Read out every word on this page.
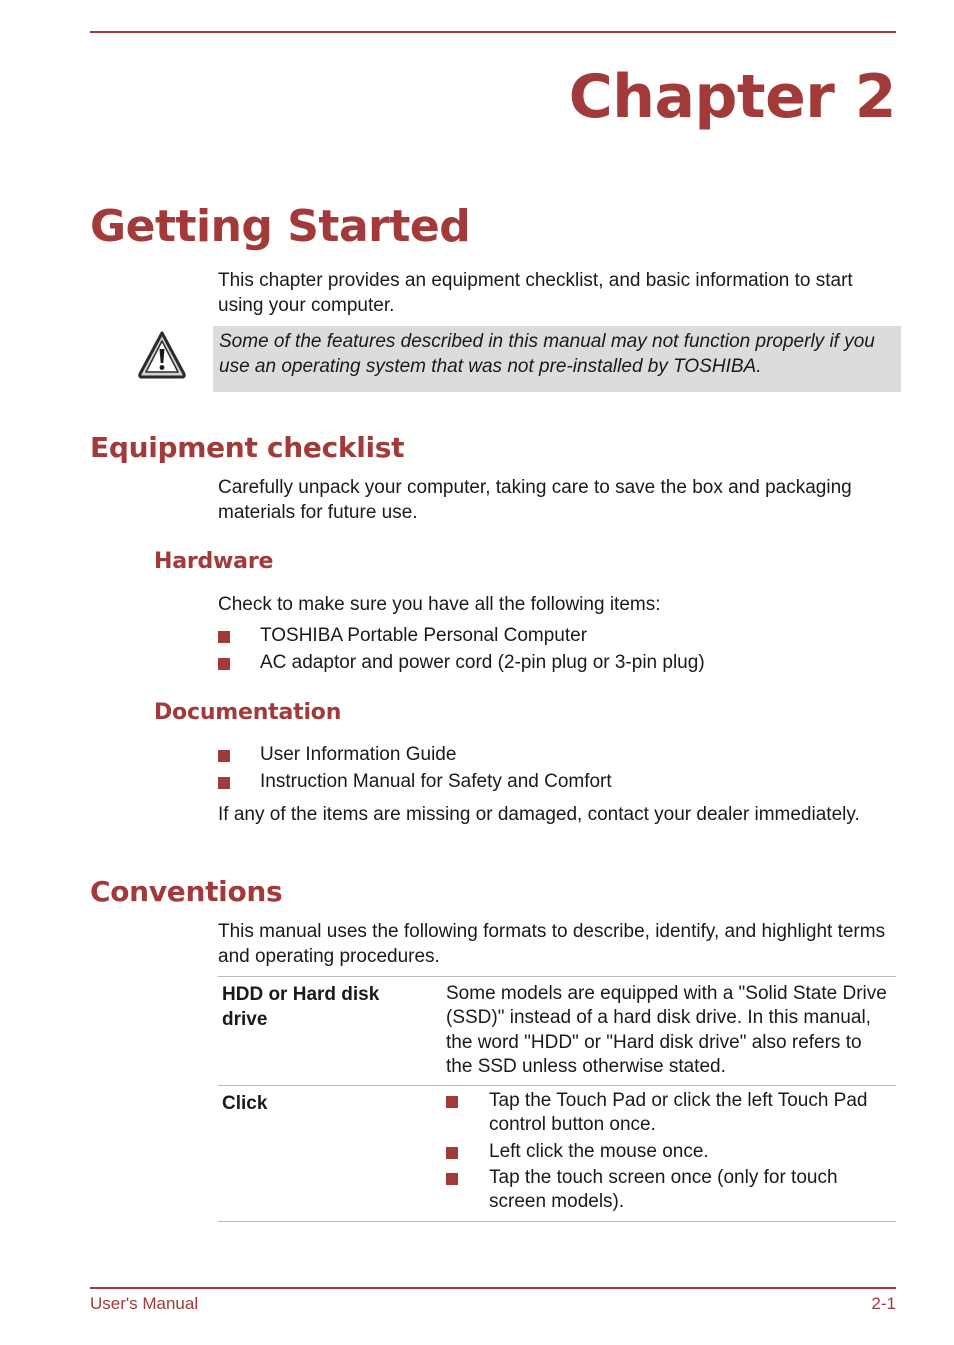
Chapter 2
Getting Started

This chapter provides an equipment checklist, and basic information to start using your computer.

Some of the features described in this manual may not function properly if you use an operating system that was not pre-installed by TOSHIBA.

Equipment checklist

Carefully unpack your computer, taking care to save the box and packaging materials for future use.

Hardware

Check to make sure you have all the following items:

TOSHIBA Portable Personal Computer
AC adaptor and power cord (2-pin plug or 3-pin plug)
Documentation
User Information Guide
Instruction Manual for Safety and Comfort

If any of the items are missing or damaged, contact your dealer immediately.

Conventions

This manual uses the following formats to describe, identify, and highlight terms and operating procedures.

HDD or Hard disk drive
Some models are equipped with a "Solid State Drive (SSD)" instead of a hard disk drive. In this manual, the word "HDD" or "Hard disk drive" also refers to the SSD unless otherwise stated.
Click	Tap the Touch Pad or click the left Touch Pad control button once.
Left click the mouse once.
Tap the touch screen once (only for touch screen models).
User's Manual	2-1
